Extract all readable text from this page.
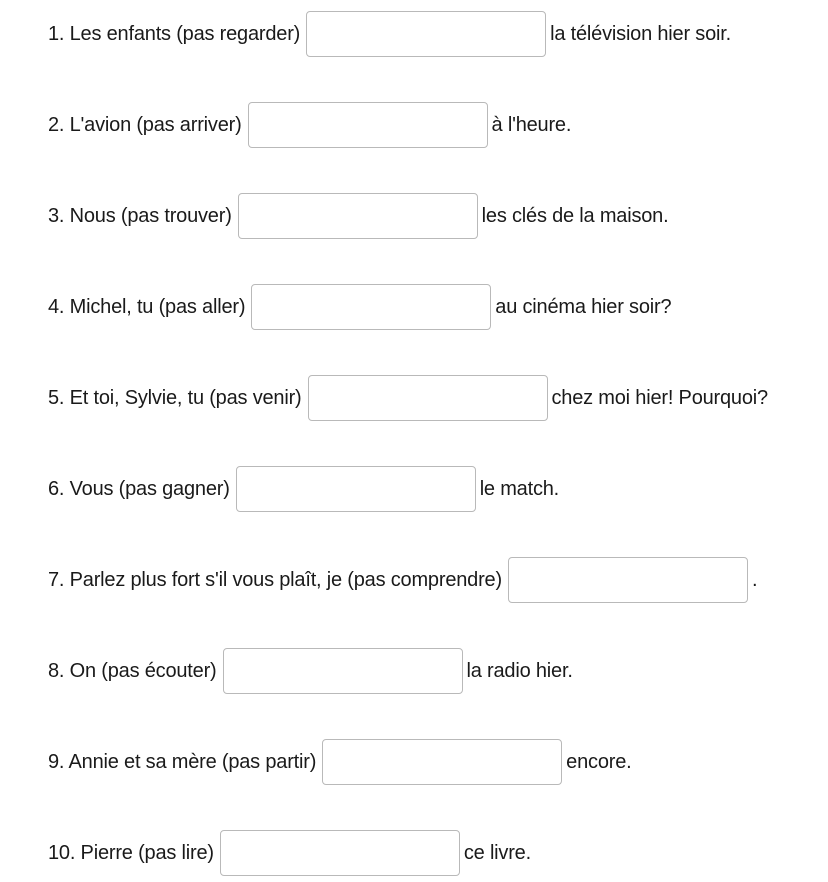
1. Les enfants (pas regarder)	la télévision hier soir.
2. L'avion (pas arriver)	à l'heure.
3. Nous (pas trouver)	les clés de la maison.
4. Michel, tu (pas aller)	au cinéma hier soir?
5. Et toi, Sylvie, tu (pas venir)	chez moi hier! Pourquoi?
6. Vous (pas gagner)	le match.
7. Parlez plus fort s'il vous plaît, je (pas comprendre)	.
8. On (pas écouter)	la radio hier.
9. Annie et sa mère (pas partir)	encore.
10. Pierre (pas lire)	ce livre.
